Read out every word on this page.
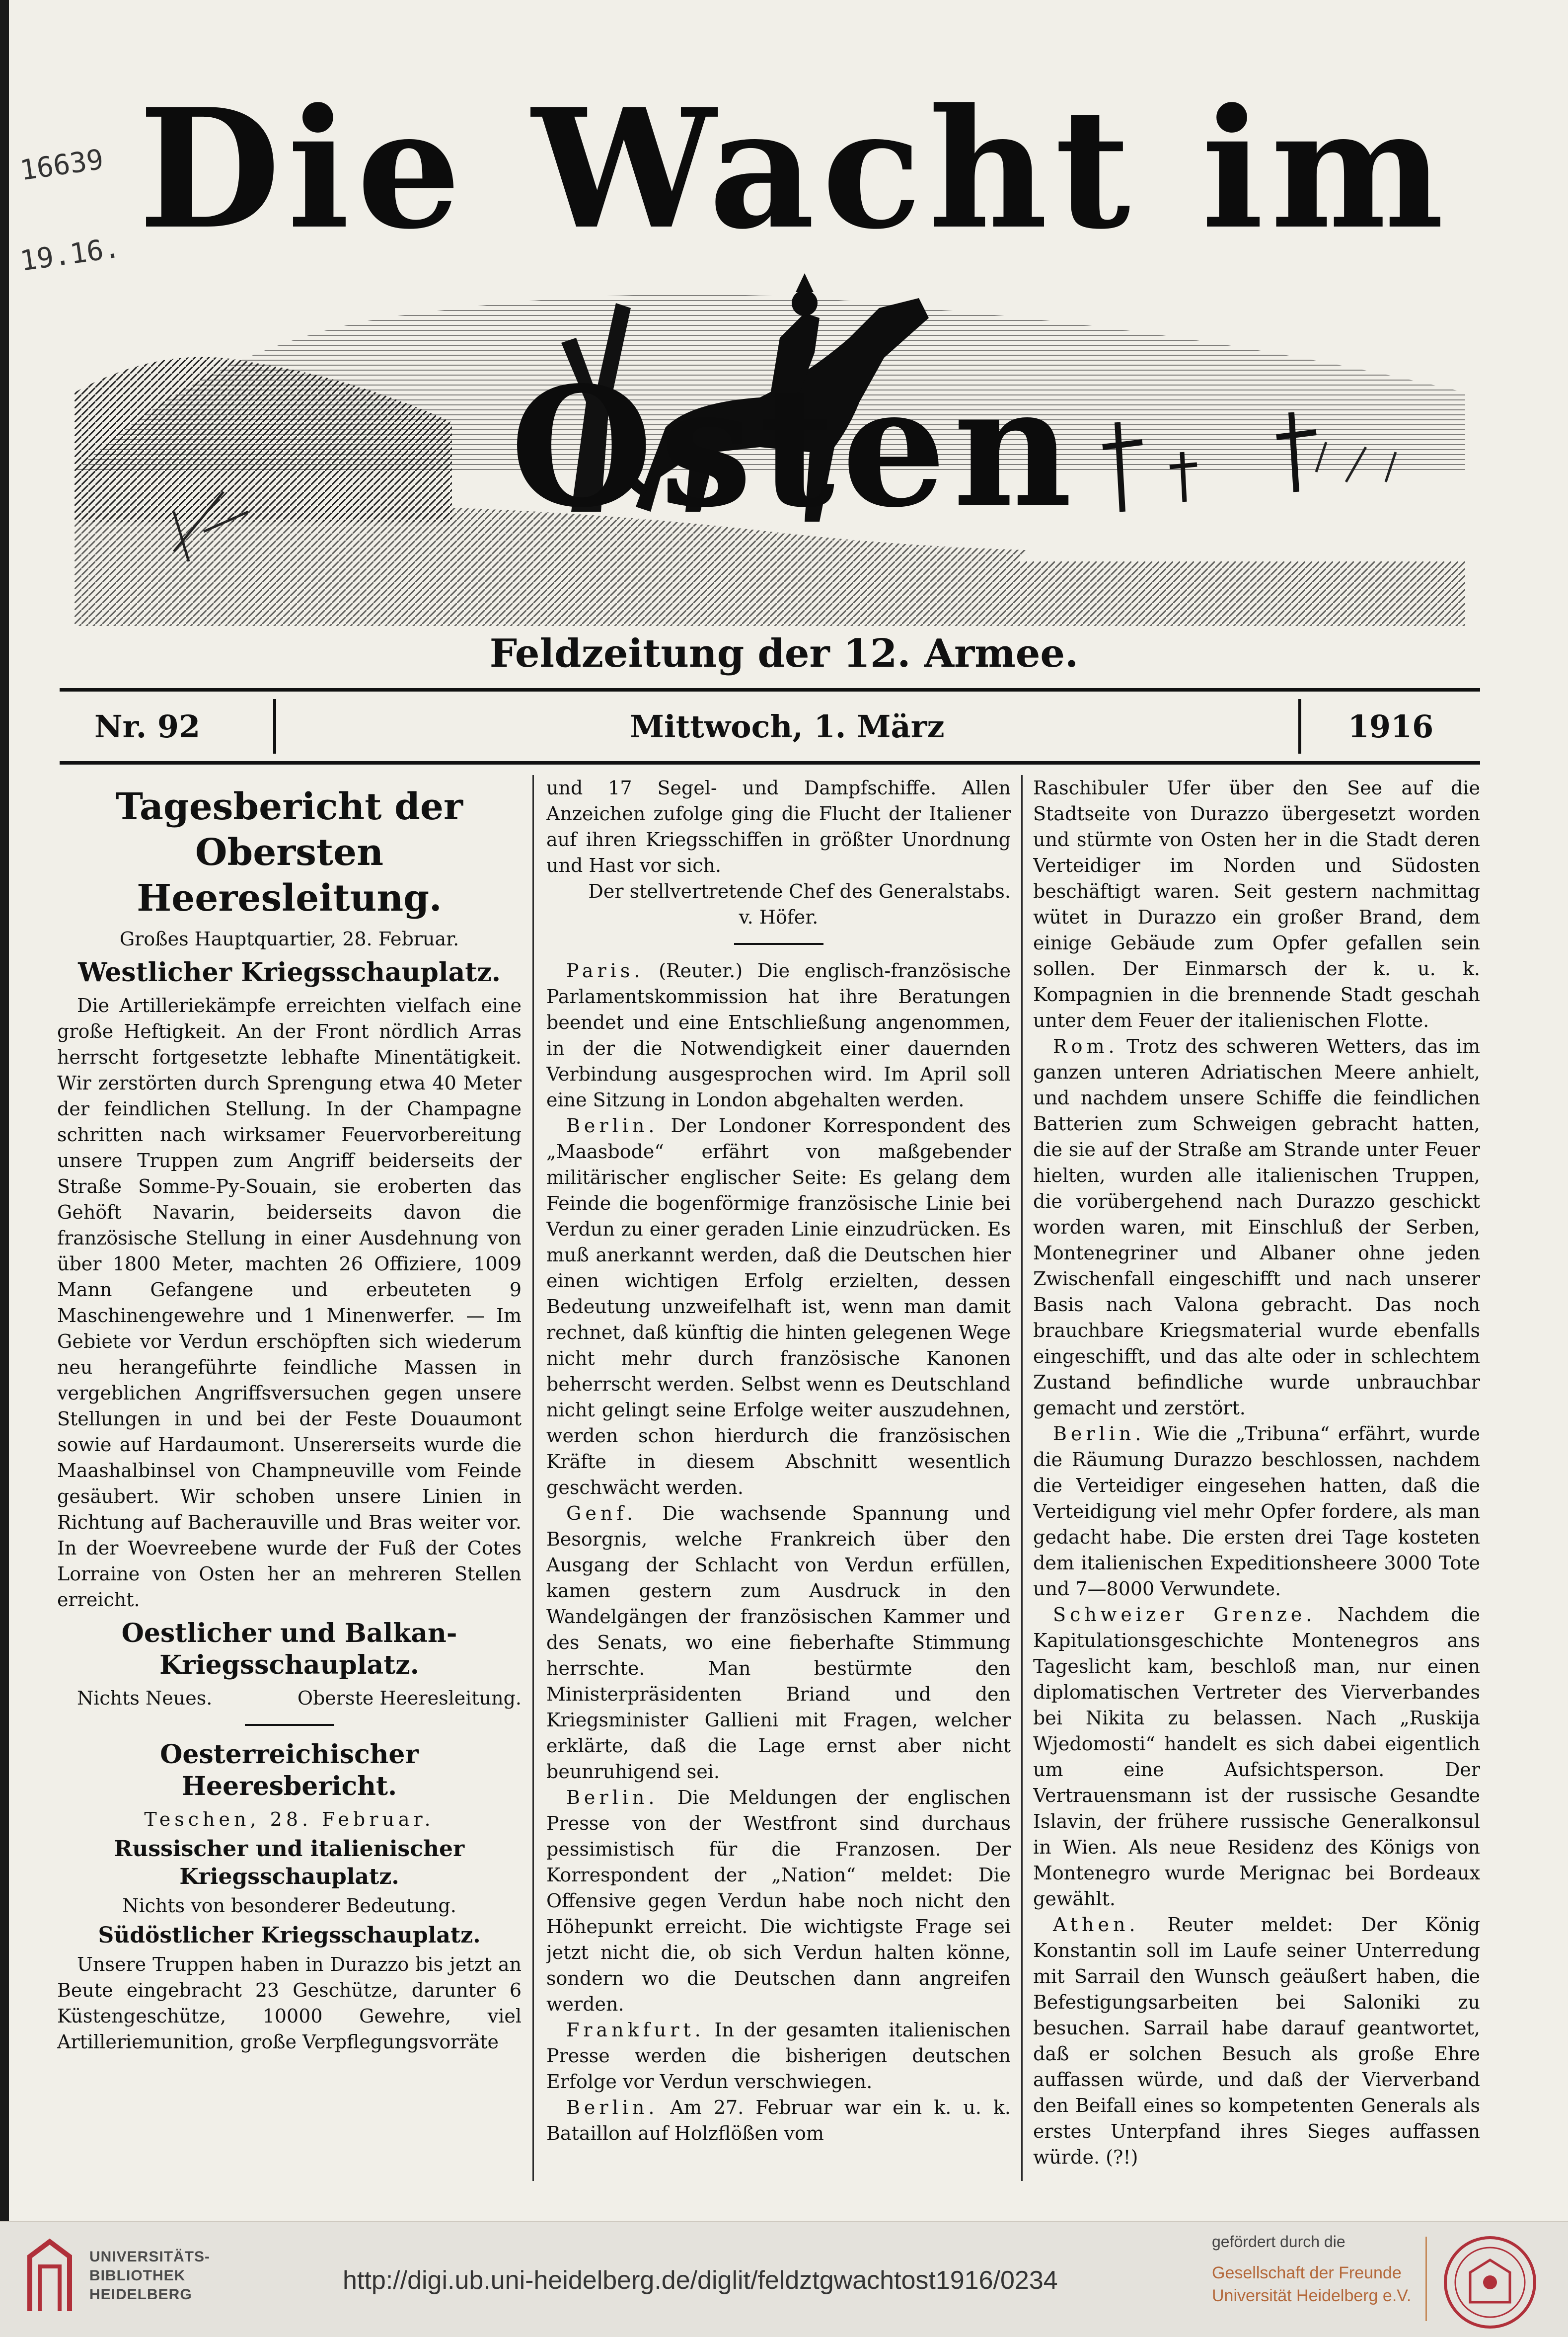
16639
19.16. Die Wacht im Osten
Feldzeitung der 12. Armee.
Nr. 92	Mittwoch, 1. März	1916
Tagesbericht der Obersten Heeresleitung.

Großes Hauptquartier, 28. Februar.

Westlicher Kriegsschauplatz.

Die Artilleriekämpfe erreichten vielfach eine große Heftigkeit. An der Front nördlich Arras herrscht fortgesetzte lebhafte Minentätigkeit. Wir zerstörten durch Sprengung etwa 40 Meter der feindlichen Stellung. In der Champagne schritten nach wirksamer Feuervorbereitung unsere Truppen zum Angriff beiderseits der Straße Somme-Py-Souain, sie eroberten das Gehöft Navarin, beiderseits davon die französische Stellung in einer Ausdehnung von über 1800 Meter, machten 26 Offiziere, 1009 Mann Gefangene und erbeuteten 9 Maschinengewehre und 1 Minenwerfer. — Im Gebiete vor Verdun erschöpften sich wiederum neu herangeführte feindliche Massen in vergeblichen Angriffsversuchen gegen unsere Stellungen in und bei der Feste Douaumont sowie auf Hardaumont. Unsererseits wurde die Maashalbinsel von Champneuville vom Feinde gesäubert. Wir schoben unsere Linien in Richtung auf Bacherauville und Bras weiter vor. In der Woevreebene wurde der Fuß der Cotes Lorraine von Osten her an mehreren Stellen erreicht.

Oestlicher und Balkan-Kriegsschauplatz.

Nichts Neues.	Oberste Heeresleitung.

Oesterreichischer Heeresbericht.

Teschen, 28. Februar.

Russischer und italienischer Kriegsschauplatz.

Nichts von besonderer Bedeutung.

Südöstlicher Kriegsschauplatz.

Unsere Truppen haben in Durazzo bis jetzt an Beute eingebracht 23 Geschütze, darunter 6 Küstengeschütze, 10000 Gewehre, viel Artilleriemunition, große Verpflegungsvorräte

und 17 Segel- und Dampfschiffe. Allen Anzeichen zufolge ging die Flucht der Italiener auf ihren Kriegsschiffen in größter Unordnung und Hast vor sich.

Der stellvertretende Chef des Generalstabs.

v. Höfer.

Paris. (Reuter.) Die englisch-französische Parlamentskommission hat ihre Beratungen beendet und eine Entschließung angenommen, in der die Notwendigkeit einer dauernden Verbindung ausgesprochen wird. Im April soll eine Sitzung in London abgehalten werden.

Berlin. Der Londoner Korrespondent des „Maasbode“ erfährt von maßgebender militärischer englischer Seite: Es gelang dem Feinde die bogenförmige französische Linie bei Verdun zu einer geraden Linie einzudrücken. Es muß anerkannt werden, daß die Deutschen hier einen wichtigen Erfolg erzielten, dessen Bedeutung unzweifelhaft ist, wenn man damit rechnet, daß künftig die hinten gelegenen Wege nicht mehr durch französische Kanonen beherrscht werden. Selbst wenn es Deutschland nicht gelingt seine Erfolge weiter auszudehnen, werden schon hierdurch die französischen Kräfte in diesem Abschnitt wesentlich geschwächt werden.

Genf. Die wachsende Spannung und Besorgnis, welche Frankreich über den Ausgang der Schlacht von Verdun erfüllen, kamen gestern zum Ausdruck in den Wandelgängen der französischen Kammer und des Senats, wo eine fieberhafte Stimmung herrschte. Man bestürmte den Ministerpräsidenten Briand und den Kriegsminister Gallieni mit Fragen, welcher erklärte, daß die Lage ernst aber nicht beunruhigend sei.

Berlin. Die Meldungen der englischen Presse von der Westfront sind durchaus pessimistisch für die Franzosen. Der Korrespondent der „Nation“ meldet: Die Offensive gegen Verdun habe noch nicht den Höhepunkt erreicht. Die wichtigste Frage sei jetzt nicht die, ob sich Verdun halten könne, sondern wo die Deutschen dann angreifen werden.

Frankfurt. In der gesamten italienischen Presse werden die bisherigen deutschen Erfolge vor Verdun verschwiegen.

Berlin. Am 27. Februar war ein k. u. k. Bataillon auf Holzflößen vom

Raschibuler Ufer über den See auf die Stadtseite von Durazzo übergesetzt worden und stürmte von Osten her in die Stadt deren Verteidiger im Norden und Südosten beschäftigt waren. Seit gestern nachmittag wütet in Durazzo ein großer Brand, dem einige Gebäude zum Opfer gefallen sein sollen. Der Einmarsch der k. u. k. Kompagnien in die brennende Stadt geschah unter dem Feuer der italienischen Flotte.

Rom. Trotz des schweren Wetters, das im ganzen unteren Adriatischen Meere anhielt, und nachdem unsere Schiffe die feindlichen Batterien zum Schweigen gebracht hatten, die sie auf der Straße am Strande unter Feuer hielten, wurden alle italienischen Truppen, die vorübergehend nach Durazzo geschickt worden waren, mit Einschluß der Serben, Montenegriner und Albaner ohne jeden Zwischenfall eingeschifft und nach unserer Basis nach Valona gebracht. Das noch brauchbare Kriegsmaterial wurde ebenfalls eingeschifft, und das alte oder in schlechtem Zustand befindliche wurde unbrauchbar gemacht und zerstört.

Berlin. Wie die „Tribuna“ erfährt, wurde die Räumung Durazzo beschlossen, nachdem die Verteidiger eingesehen hatten, daß die Verteidigung viel mehr Opfer fordere, als man gedacht habe. Die ersten drei Tage kosteten dem italienischen Expeditionsheere 3000 Tote und 7—8000 Verwundete.

Schweizer Grenze. Nachdem die Kapitulationsgeschichte Montenegros ans Tageslicht kam, beschloß man, nur einen diplomatischen Vertreter des Vierverbandes bei Nikita zu belassen. Nach „Ruskija Wjedomosti“ handelt es sich dabei eigentlich um eine Aufsichtsperson. Der Vertrauensmann ist der russische Gesandte Islavin, der frühere russische Generalkonsul in Wien. Als neue Residenz des Königs von Montenegro wurde Merignac bei Bordeaux gewählt.

Athen. Reuter meldet: Der König Konstantin soll im Laufe seiner Unterredung mit Sarrail den Wunsch geäußert haben, die Befestigungsarbeiten bei Saloniki zu besuchen. Sarrail habe darauf geantwortet, daß er solchen Besuch als große Ehre auffassen würde, und daß der Vierverband den Beifall eines so kompetenten Generals als erstes Unterpfand ihres Sieges auffassen würde. (?!)

UNIVERSITÄTS-
BIBLIOTHEK
HEIDELBERG	http://digi.ub.uni-heidelberg.de/diglit/feldztgwachtost1916/0234
gefördert durch die
Gesellschaft der Freunde
Universität Heidelberg e.V.
